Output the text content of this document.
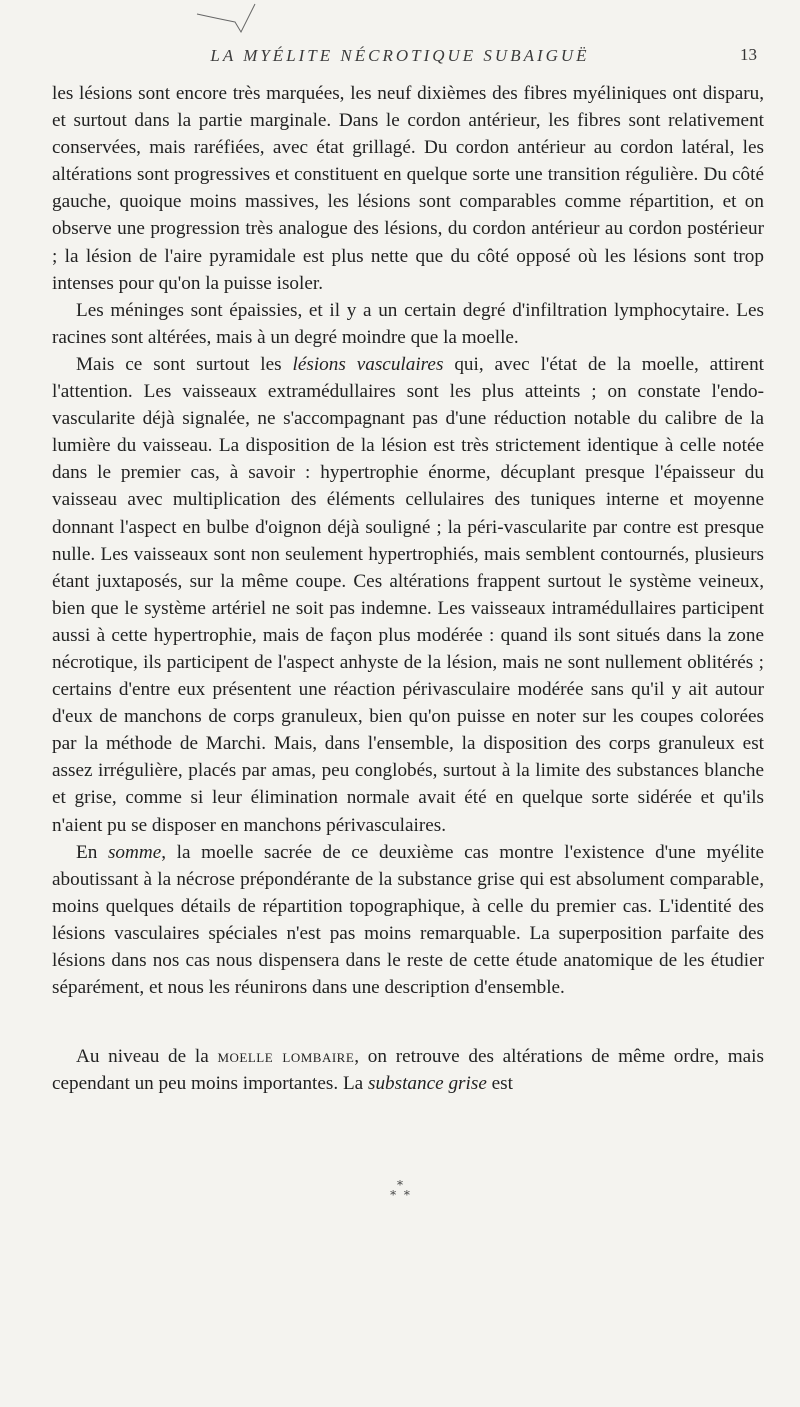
LA MYÉLITE NÉCROTIQUE SUBAIGUË	13

les lésions sont encore très marquées, les neuf dixièmes des fibres myéliniques ont disparu, et surtout dans la partie marginale. Dans le cordon antérieur, les fibres sont relativement conservées, mais raréfiées, avec état grillagé. Du cordon antérieur au cordon latéral, les altérations sont progressives et constituent en quelque sorte une transition régulière. Du côté gauche, quoique moins massives, les lésions sont comparables comme répartition, et on observe une progression très analogue des lésions, du cordon antérieur au cordon postérieur ; la lésion de l'aire pyramidale est plus nette que du côté opposé où les lésions sont trop intenses pour qu'on la puisse isoler.

Les méninges sont épaissies, et il y a un certain degré d'infiltration lymphocytaire. Les racines sont altérées, mais à un degré moindre que la moelle.

Mais ce sont surtout les lésions vasculaires qui, avec l'état de la moelle, attirent l'attention. Les vaisseaux extramédullaires sont les plus atteints ; on constate l'endo-vascularite déjà signalée, ne s'accompagnant pas d'une réduction notable du calibre de la lumière du vaisseau. La disposition de la lésion est très strictement identique à celle notée dans le premier cas, à savoir : hypertrophie énorme, décuplant presque l'épaisseur du vaisseau avec multiplication des éléments cellulaires des tuniques interne et moyenne donnant l'aspect en bulbe d'oignon déjà souligné ; la péri-vascularite par contre est presque nulle. Les vaisseaux sont non seulement hypertrophiés, mais semblent contournés, plusieurs étant juxtaposés, sur la même coupe. Ces altérations frappent surtout le système veineux, bien que le système artériel ne soit pas indemne. Les vaisseaux intramédullaires participent aussi à cette hypertrophie, mais de façon plus modérée : quand ils sont situés dans la zone nécrotique, ils participent de l'aspect anhyste de la lésion, mais ne sont nullement oblitérés ; certains d'entre eux présentent une réaction périvasculaire modérée sans qu'il y ait autour d'eux de manchons de corps granuleux, bien qu'on puisse en noter sur les coupes colorées par la méthode de Marchi. Mais, dans l'ensemble, la disposition des corps granuleux est assez irrégulière, placés par amas, peu conglobés, surtout à la limite des substances blanche et grise, comme si leur élimination normale avait été en quelque sorte sidérée et qu'ils n'aient pu se disposer en manchons périvasculaires.

En somme, la moelle sacrée de ce deuxième cas montre l'existence d'une myélite aboutissant à la nécrose prépondérante de la substance grise qui est absolument comparable, moins quelques détails de répartition topographique, à celle du premier cas. L'identité des lésions vasculaires spéciales n'est pas moins remarquable. La superposition parfaite des lésions dans nos cas nous dispensera dans le reste de cette étude anatomique de les étudier séparément, et nous les réunirons dans une description d'ensemble.

Au niveau de la moelle lombaire, on retrouve des altérations de même ordre, mais cependant un peu moins importantes. La substance grise est

*
* *
